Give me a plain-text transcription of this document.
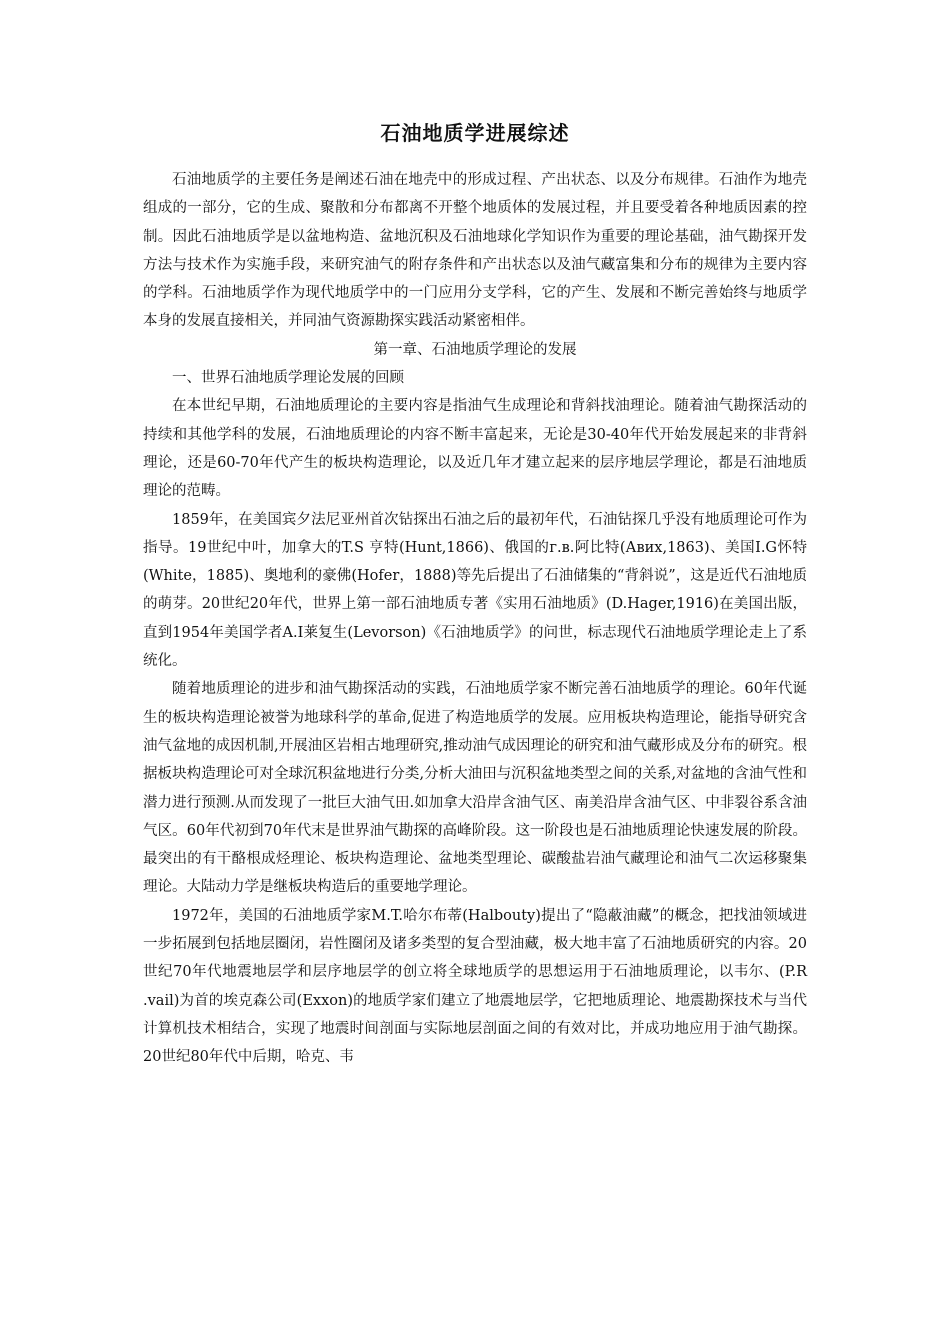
石油地质学进展综述

石油地质学的主要任务是阐述石油在地壳中的形成过程、产出状态、以及分布规律。石油作为地壳组成的一部分，它的生成、聚散和分布都离不开整个地质体的发展过程，并且要受着各种地质因素的控制。因此石油地质学是以盆地构造、盆地沉积及石油地球化学知识作为重要的理论基础，油气勘探开发方法与技术作为实施手段，来研究油气的附存条件和产出状态以及油气藏富集和分布的规律为主要内容的学科。石油地质学作为现代地质学中的一门应用分支学科，它的产生、发展和不断完善始终与地质学本身的发展直接相关，并同油气资源勘探实践活动紧密相伴。

第一章、石油地质学理论的发展

一、世界石油地质学理论发展的回顾

在本世纪早期，石油地质理论的主要内容是指油气生成理论和背斜找油理论。随着油气勘探活动的持续和其他学科的发展，石油地质理论的内容不断丰富起来，无论是30-40年代开始发展起来的非背斜理论，还是60-70年代产生的板块构造理论，以及近几年才建立起来的层序地层学理论，都是石油地质理论的范畴。

1859年，在美国宾夕法尼亚州首次钻探出石油之后的最初年代，石油钻探几乎没有地质理论可作为指导。19世纪中叶，加拿大的T.S 亨特(Hunt,1866)、俄国的г.в.阿比特(Авих,1863)、美国I.G怀特(White，1885)、奥地利的豪佛(Hofer，1888)等先后提出了石油储集的“背斜说”，这是近代石油地质的萌芽。20世纪20年代，世界上第一部石油地质专著《实用石油地质》(D.Hager,1916)在美国出版，直到1954年美国学者A.I莱复生(Levorson)《石油地质学》的问世，标志现代石油地质学理论走上了系统化。

随着地质理论的进步和油气勘探活动的实践，石油地质学家不断完善石油地质学的理论。60年代诞生的板块构造理论被誉为地球科学的革命,促进了构造地质学的发展。应用板块构造理论，能指导研究含油气盆地的成因机制,开展油区岩相古地理研究,推动油气成因理论的研究和油气藏形成及分布的研究。根据板块构造理论可对全球沉积盆地进行分类,分析大油田与沉积盆地类型之间的关系,对盆地的含油气性和潜力进行预测.从而发现了一批巨大油气田.如加拿大沿岸含油气区、南美沿岸含油气区、中非裂谷系含油气区。60年代初到70年代末是世界油气勘探的高峰阶段。这一阶段也是石油地质理论快速发展的阶段。最突出的有干酪根成烃理论、板块构造理论、盆地类型理论、碳酸盐岩油气藏理论和油气二次运移聚集理论。大陆动力学是继板块构造后的重要地学理论。

1972年，美国的石油地质学家M.T.哈尔布蒂(Halbouty)提出了“隐蔽油藏”的概念，把找油领域进一步拓展到包括地层圈闭，岩性圈闭及诸多类型的复合型油藏，极大地丰富了石油地质研究的内容。20世纪70年代地震地层学和层序地层学的创立将全球地质学的思想运用于石油地质理论，以韦尔、(P.R .vail)为首的埃克森公司(Exxon)的地质学家们建立了地震地层学，它把地质理论、地震勘探技术与当代计算机技术相结合，实现了地震时间剖面与实际地层剖面之间的有效对比，并成功地应用于油气勘探。20世纪80年代中后期，哈克、韦
